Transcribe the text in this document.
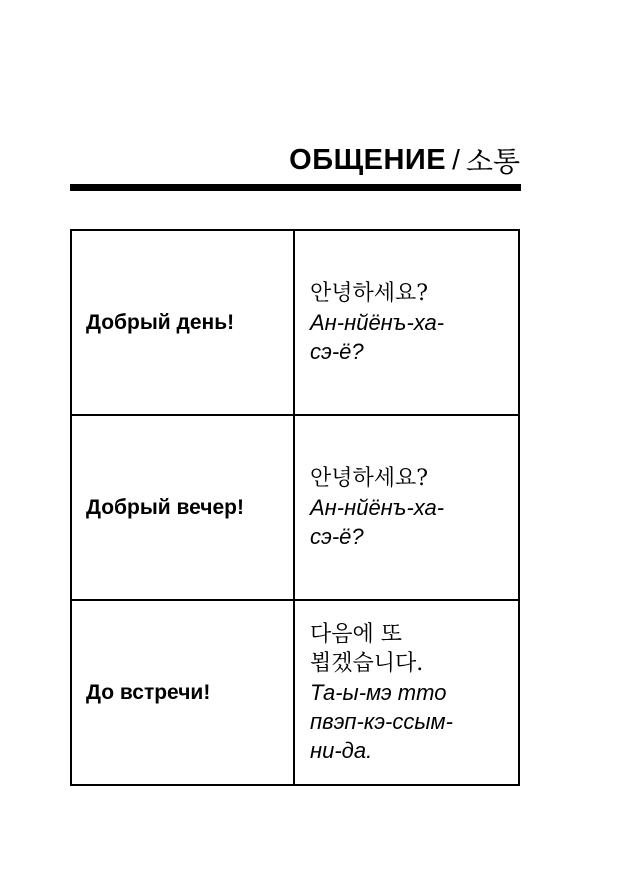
ОБЩЕНИЕ / 소통
Добрый день!
안녕하세요?
Ан-нйёнъ-ха-
сэ-ё?
Добрый вечер!
안녕하세요?
Ан-нйёнъ-ха-
сэ-ё?
До встречи!
다음에 또
뵙겠습니다.
Та-ы-мэ тто
пвэп-кэ-ссым-
ни-да.
